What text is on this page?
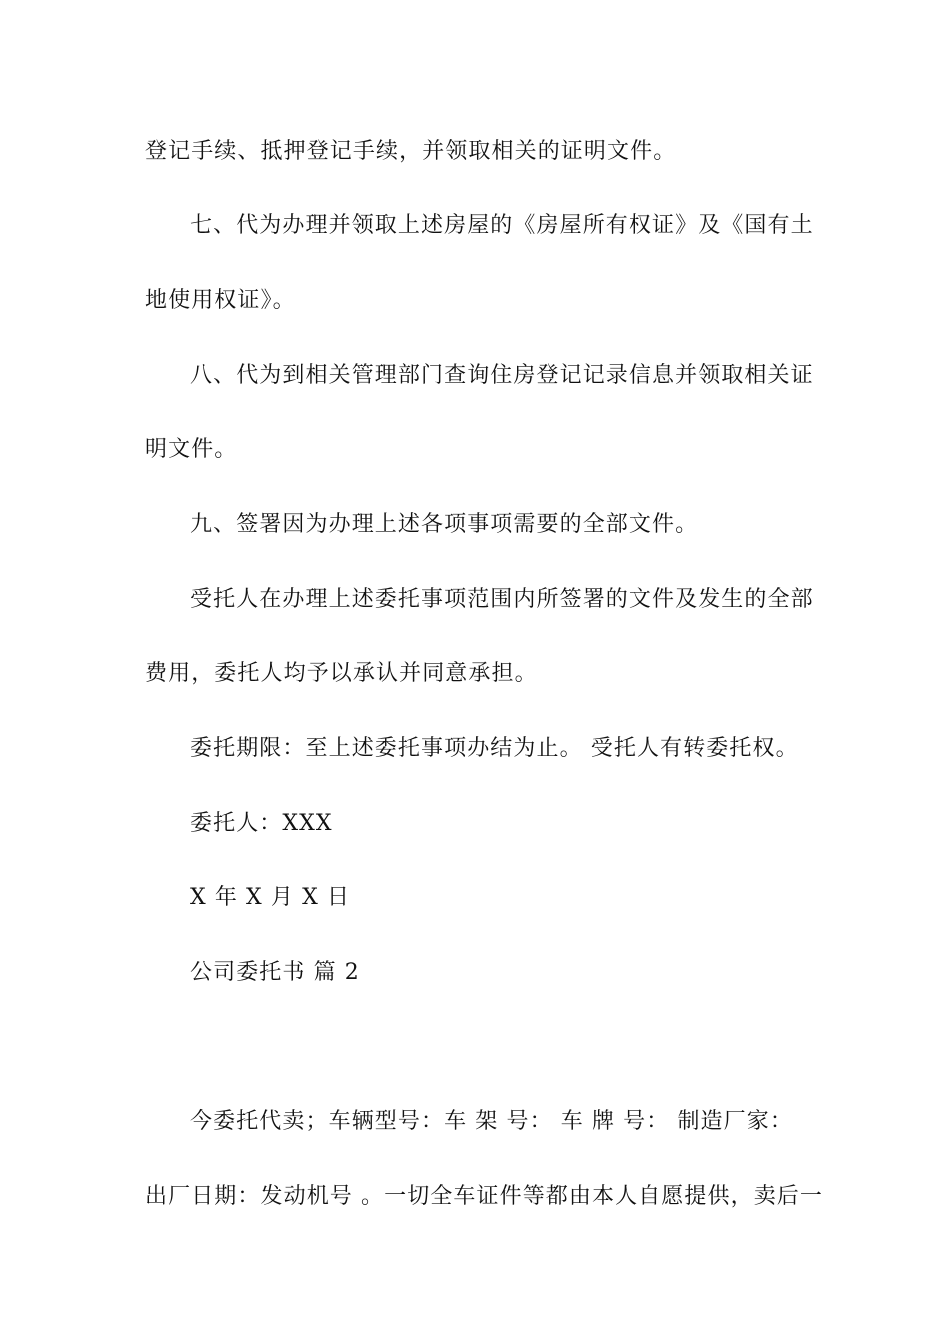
登记手续、抵押登记手续，并领取相关的证明文件。
七、代为办理并领取上述房屋的《房屋所有权证》及《国有土
地使用权证》。
八、代为到相关管理部门查询住房登记记录信息并领取相关证
明文件。
九、签署因为办理上述各项事项需要的全部文件。
受托人在办理上述委托事项范围内所签署的文件及发生的全部
费用，委托人均予以承认并同意承担。
委托期限：至上述委托事项办结为止。 受托人有转委托权。
委托人：XXX
X 年 X 月 X 日
公司委托书 篇 2
今委托代卖；车辆型号：车 架 号： 车 牌 号： 制造厂家：
出厂日期：发动机号 。一切全车证件等都由本人自愿提供，卖后一
